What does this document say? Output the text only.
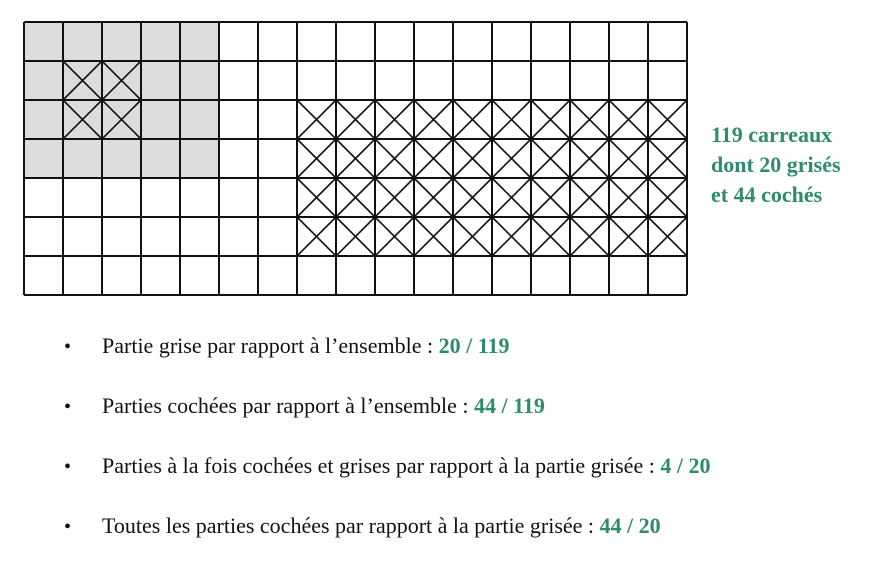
119 carreaux
dont 20 grisés
et 44 cochés
• Partie grise par rapport à l’ensemble : 20 / 119
• Parties cochées par rapport à l’ensemble : 44 / 119
• Parties à la fois cochées et grises par rapport à la partie grisée : 4 / 20
• Toutes les parties cochées par rapport à la partie grisée : 44 / 20
